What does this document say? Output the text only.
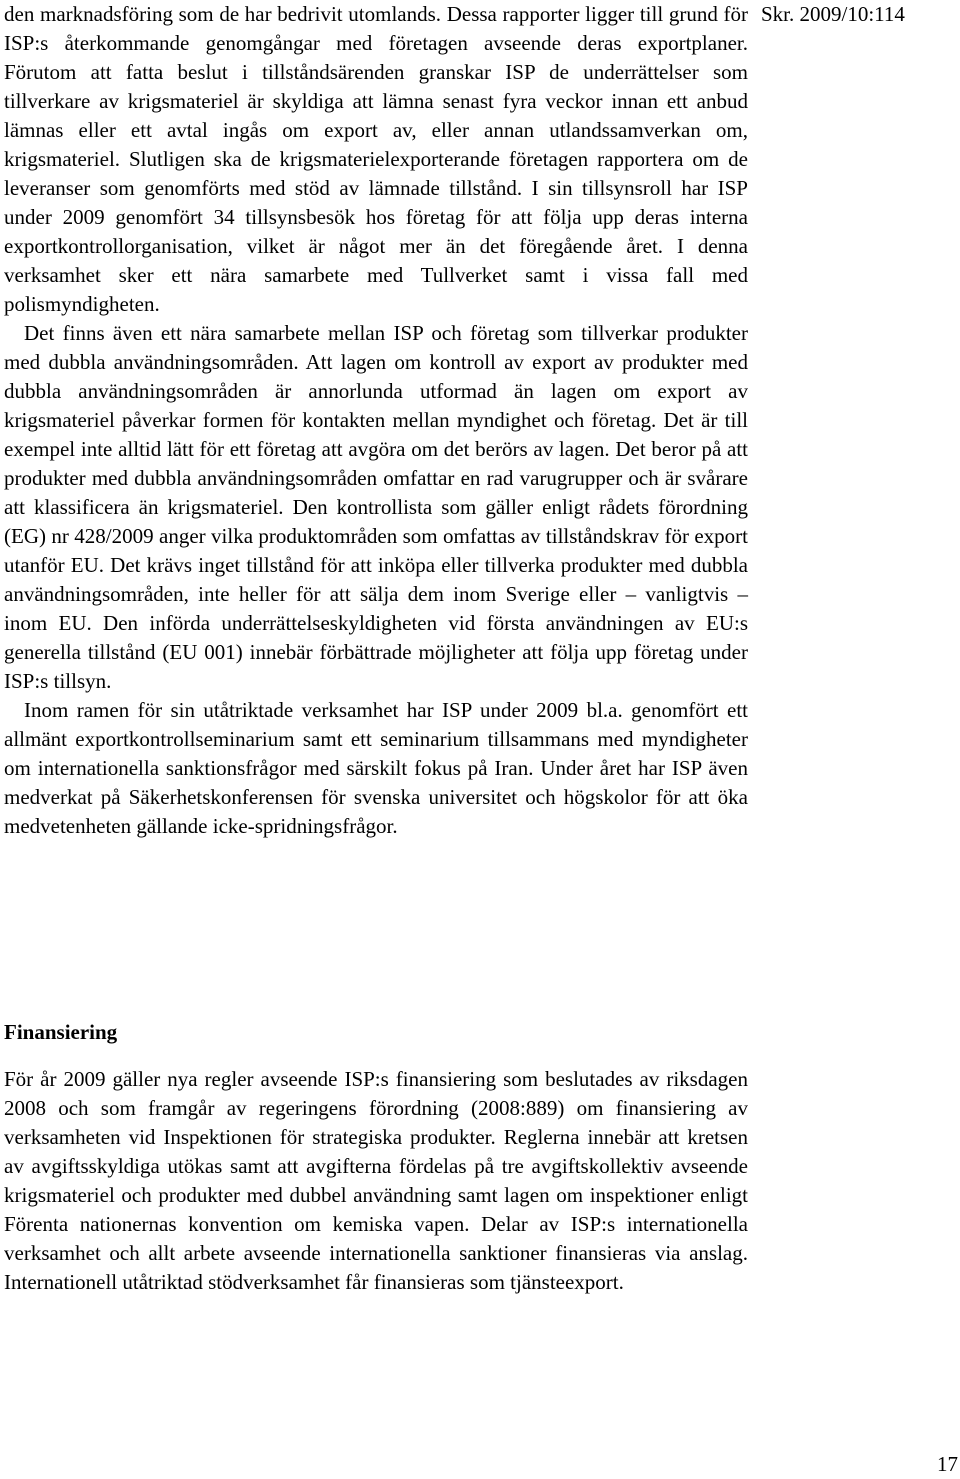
den marknadsföring som de har bedrivit utomlands. Dessa rapporter ligger till grund för ISP:s återkommande genomgångar med företagen avseende deras exportplaner. Förutom att fatta beslut i tillståndsärenden granskar ISP de underrättelser som tillverkare av krigsmateriel är skyldiga att lämna senast fyra veckor innan ett anbud lämnas eller ett avtal ingås om export av, eller annan utlandssamverkan om, krigsmateriel. Slutligen ska de krigsmaterielexporterande företagen rapportera om de leveranser som genomförts med stöd av lämnade tillstånd. I sin tillsynsroll har ISP under 2009 genomfört 34 tillsynsbesök hos företag för att följa upp deras interna exportkontrollorganisation, vilket är något mer än det föregående året. I denna verksamhet sker ett nära samarbete med Tullverket samt i vissa fall med polismyndigheten.

Det finns även ett nära samarbete mellan ISP och företag som tillverkar produkter med dubbla användningsområden. Att lagen om kontroll av export av produkter med dubbla användningsområden är annorlunda utformad än lagen om export av krigsmateriel påverkar formen för kontakten mellan myndighet och företag. Det är till exempel inte alltid lätt för ett företag att avgöra om det berörs av lagen. Det beror på att produkter med dubbla användningsområden omfattar en rad varugrupper och är svårare att klassificera än krigsmateriel. Den kontrollista som gäller enligt rådets förordning (EG) nr 428/2009 anger vilka produktområden som omfattas av tillståndskrav för export utanför EU. Det krävs inget tillstånd för att inköpa eller tillverka produkter med dubbla användningsområden, inte heller för att sälja dem inom Sverige eller – vanligtvis – inom EU. Den införda underrättelseskyldigheten vid första användningen av EU:s generella tillstånd (EU 001) innebär förbättrade möjligheter att följa upp företag under ISP:s tillsyn.

Inom ramen för sin utåtriktade verksamhet har ISP under 2009 bl.a. genomfört ett allmänt exportkontrollseminarium samt ett seminarium tillsammans med myndigheter om internationella sanktionsfrågor med särskilt fokus på Iran. Under året har ISP även medverkat på Säkerhetskonferensen för svenska universitet och högskolor för att öka medvetenheten gällande icke-spridningsfrågor.

Skr. 2009/10:114
Finansiering

För år 2009 gäller nya regler avseende ISP:s finansiering som beslutades av riksdagen 2008 och som framgår av regeringens förordning (2008:889) om finansiering av verksamheten vid Inspektionen för strategiska produkter. Reglerna innebär att kretsen av avgiftsskyldiga utökas samt att avgifterna fördelas på tre avgiftskollektiv avseende krigsmateriel och produkter med dubbel användning samt lagen om inspektioner enligt Förenta nationernas konvention om kemiska vapen. Delar av ISP:s internationella verksamhet och allt arbete avseende internationella sanktioner finansieras via anslag. Internationell utåtriktad stödverksamhet får finansieras som tjänsteexport.

17
